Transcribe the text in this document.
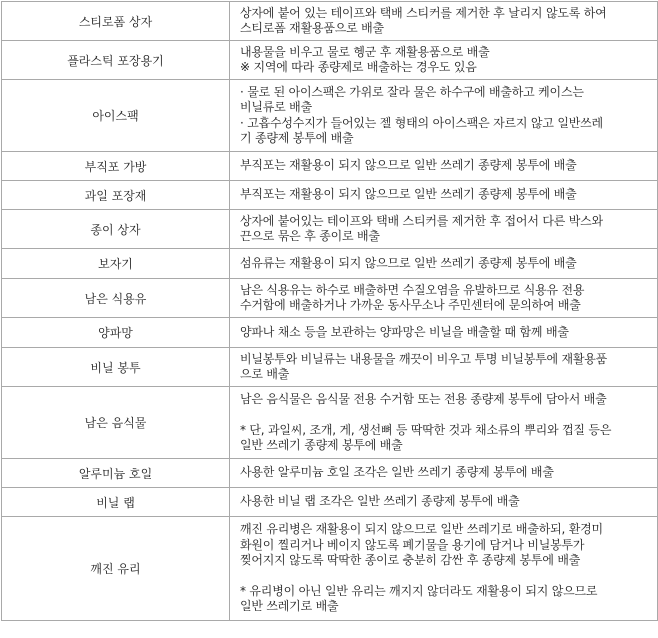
스티로폼 상자	상자에 붙어 있는 테이프와 택배 스티커를 제거한 후 날리지 않도록 하여
스티로폼 재활용품으로 배출
플라스틱 포장용기	내용물을 비우고 물로 헹군 후 재활용품으로 배출
※ 지역에 따라 종량제로 배출하는 경우도 있음
아이스팩	· 물로 된 아이스팩은 가위로 잘라 물은 하수구에 배출하고 케이스는
비닐류로 배출
· 고흡수성수지가 들어있는 젤 형태의 아이스팩은 자르지 않고 일반쓰레
기 종량제 봉투에 배출
부직포 가방	부직포는 재활용이 되지 않으므로 일반 쓰레기 종량제 봉투에 배출
과일 포장재	부직포는 재활용이 되지 않으므로 일반 쓰레기 종량제 봉투에 배출
종이 상자	상자에 붙어있는 테이프와 택배 스티커를 제거한 후 접어서 다른 박스와
끈으로 묶은 후 종이로 배출
보자기	섬유류는 재활용이 되지 않으므로 일반 쓰레기 종량제 봉투에 배출
남은 식용유	남은 식용유는 하수로 배출하면 수질오염을 유발하므로 식용유 전용
수거함에 배출하거나 가까운 동사무소나 주민센터에 문의하여 배출
양파망	양파나 채소 등을 보관하는 양파망은 비닐을 배출할 때 함께 배출
비닐 봉투	비닐봉투와 비닐류는 내용물을 깨끗이 비우고 투명 비닐봉투에 재활용품
으로 배출
남은 음식물	남은 음식물은 음식물 전용 수거함 또는 전용 종량제 봉투에 담아서 배출

* 단, 과일씨, 조개, 게, 생선뼈 등 딱딱한 것과 채소류의 뿌리와 껍질 등은
일반 쓰레기 종량제 봉투에 배출
알루미늄 호일	사용한 알루미늄 호일 조각은 일반 쓰레기 종량제 봉투에 배출
비닐 랩	사용한 비닐 랩 조각은 일반 쓰레기 종량제 봉투에 배출
깨진 유리	깨진 유리병은 재활용이 되지 않으므로 일반 쓰레기로 배출하되, 환경미
화원이 찔리거나 베이지 않도록 폐기물을 용기에 담거나 비닐봉투가
찢어지지 않도록 딱딱한 종이로 충분히 감싼 후 종량제 봉투에 배출

* 유리병이 아닌 일반 유리는 깨지지 않더라도 재활용이 되지 않으므로
일반 쓰레기로 배출
